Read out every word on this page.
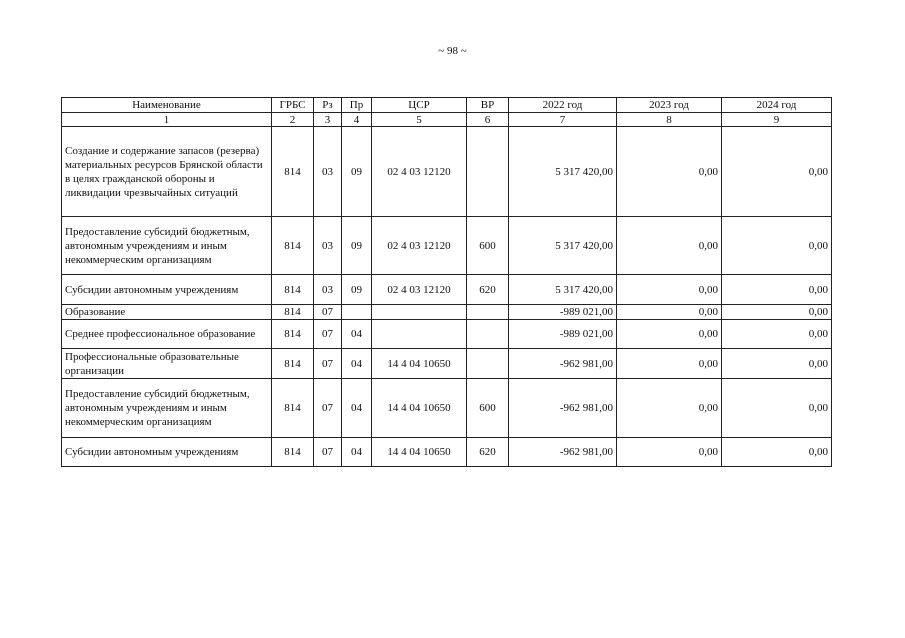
~ 98 ~
Наименование	ГРБС	Рз	Пр	ЦСР	ВР	2022 год	2023 год	2024 год
1	2	3	4	5	6	7	8	9
Создание и содержание запасов (резерва) материальных ресурсов Брянской области в целях гражданской обороны и ликвидации чрезвычайных ситуаций	814	03	09	02 4 03 12120		5 317 420,00	0,00	0,00
Предоставление субсидий бюджетным, автономным учреждениям и иным некоммерческим организациям	814	03	09	02 4 03 12120	600	5 317 420,00	0,00	0,00
Субсидии автономным учреждениям	814	03	09	02 4 03 12120	620	5 317 420,00	0,00	0,00
Образование	814	07				-989 021,00	0,00	0,00
Среднее профессиональное образование	814	07	04			-989 021,00	0,00	0,00
Профессиональные образовательные организации	814	07	04	14 4 04 10650		-962 981,00	0,00	0,00
Предоставление субсидий бюджетным, автономным учреждениям и иным некоммерческим организациям	814	07	04	14 4 04 10650	600	-962 981,00	0,00	0,00
Субсидии автономным учреждениям	814	07	04	14 4 04 10650	620	-962 981,00	0,00	0,00
